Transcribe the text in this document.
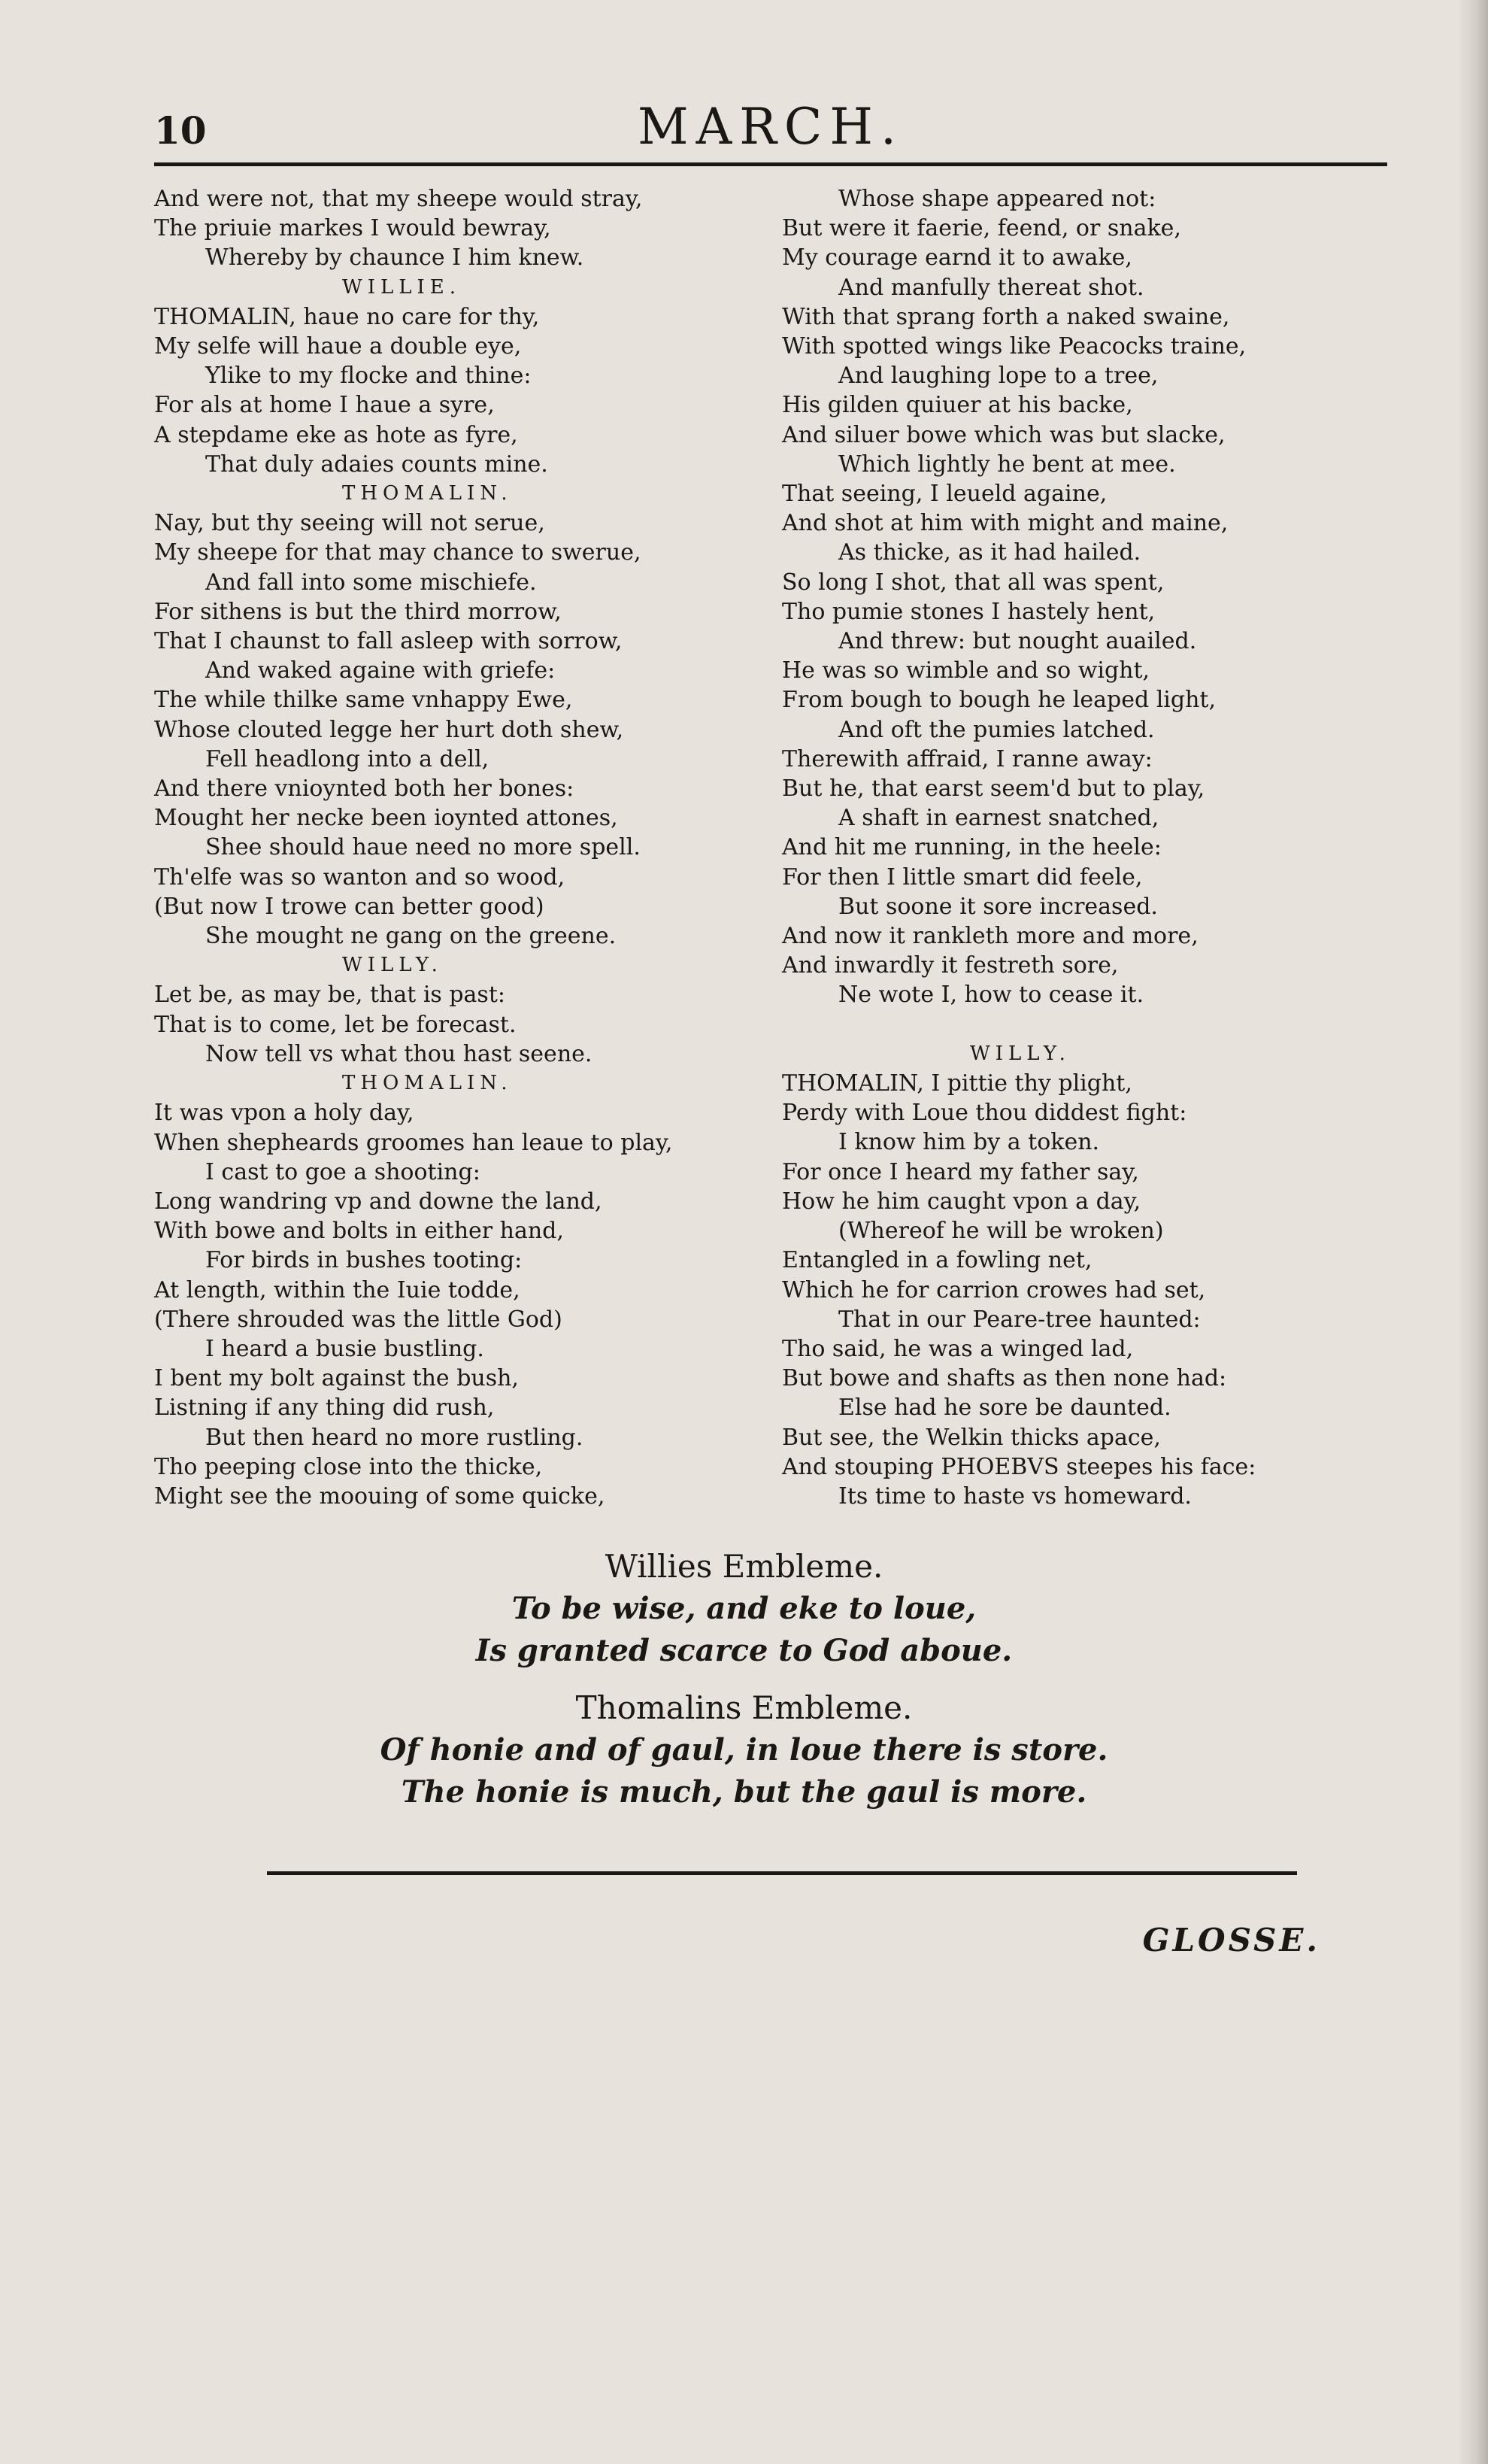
10	MARCH.
And were not, that my sheepe would stray,
The priuie markes I would bewray,
Whereby by chaunce I him knew.
WILLIE.
THOMALIN, haue no care for thy,
My selfe will haue a double eye,
Ylike to my flocke and thine:
For als at home I haue a syre,
A stepdame eke as hote as fyre,
That duly adaies counts mine.
THOMALIN.
Nay, but thy seeing will not serue,
My sheepe for that may chance to swerue,
And fall into some mischiefe.
For sithens is but the third morrow,
That I chaunst to fall asleep with sorrow,
And waked againe with griefe:
The while thilke same vnhappy Ewe,
Whose clouted legge her hurt doth shew,
Fell headlong into a dell,
And there vnioynted both her bones:
Mought her necke been ioynted attones,
Shee should haue need no more spell.
Th'elfe was so wanton and so wood,
(But now I trowe can better good)
She mought ne gang on the greene.
WILLY.
Let be, as may be, that is past:
That is to come, let be forecast.
Now tell vs what thou hast seene.
THOMALIN.
It was vpon a holy day,
When shepheards groomes han leaue to play,
I cast to goe a shooting:
Long wandring vp and downe the land,
With bowe and bolts in either hand,
For birds in bushes tooting:
At length, within the Iuie todde,
(There shrouded was the little God)
I heard a busie bustling.
I bent my bolt against the bush,
Listning if any thing did rush,
But then heard no more rustling.
Tho peeping close into the thicke,
Might see the moouing of some quicke,
Whose shape appeared not:
But were it faerie, feend, or snake,
My courage earnd it to awake,
And manfully thereat shot.
With that sprang forth a naked swaine,
With spotted wings like Peacocks traine,
And laughing lope to a tree,
His gilden quiuer at his backe,
And siluer bowe which was but slacke,
Which lightly he bent at mee.
That seeing, I leueld againe,
And shot at him with might and maine,
As thicke, as it had hailed.
So long I shot, that all was spent,
Tho pumie stones I hastely hent,
And threw: but nought auailed.
He was so wimble and so wight,
From bough to bough he leaped light,
And oft the pumies latched.
Therewith affraid, I ranne away:
But he, that earst seem'd but to play,
A shaft in earnest snatched,
And hit me running, in the heele:
For then I little smart did feele,
But soone it sore increased.
And now it rankleth more and more,
And inwardly it festreth sore,
Ne wote I, how to cease it.
WILLY.
THOMALIN, I pittie thy plight,
Perdy with Loue thou diddest fight:
I know him by a token.
For once I heard my father say,
How he him caught vpon a day,
(Whereof he will be wroken)
Entangled in a fowling net,
Which he for carrion crowes had set,
That in our Peare-tree haunted:
Tho said, he was a winged lad,
But bowe and shafts as then none had:
Else had he sore be daunted.
But see, the Welkin thicks apace,
And stouping PHOEBVS steepes his face:
Its time to haste vs homeward.
Willies Embleme.
To be wise, and eke to loue,
Is granted scarce to God aboue.
Thomalins Embleme.
Of honie and of gaul, in loue there is store.
The honie is much, but the gaul is more.
GLOSSE.
